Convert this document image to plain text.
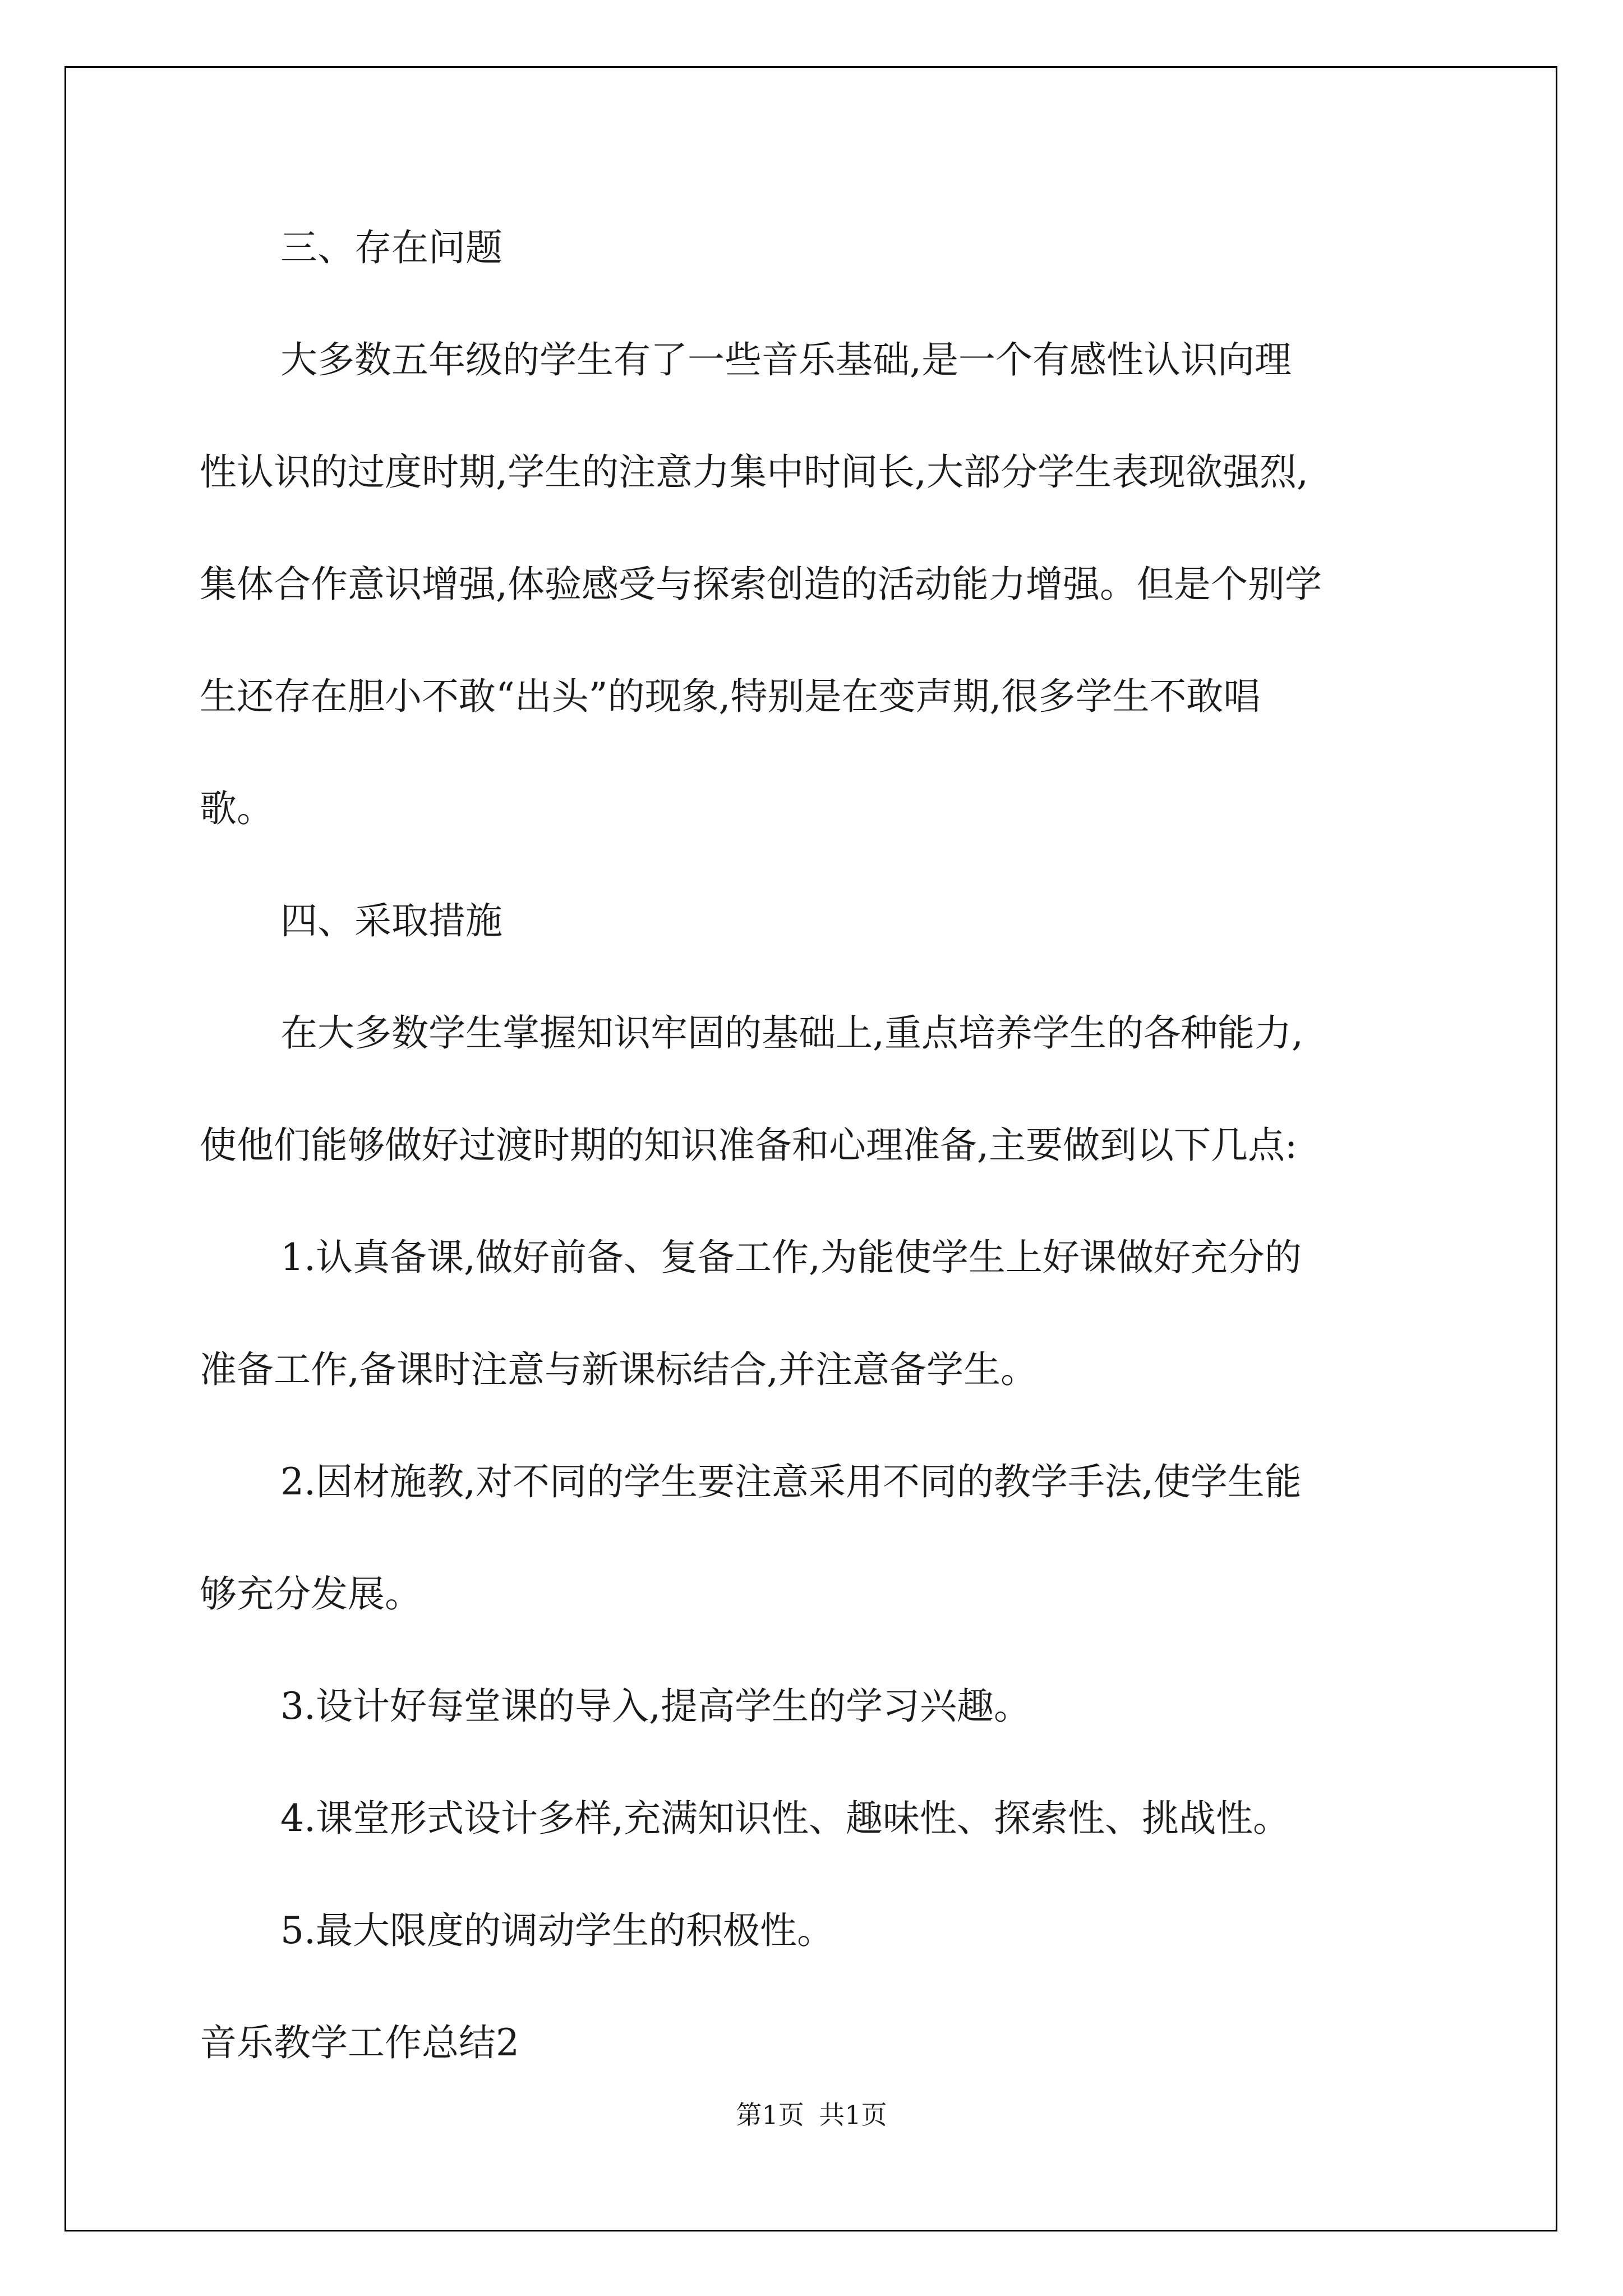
三、存在问题

大多数五年级的学生有了一些音乐基础,是一个有感性认识向理

性认识的过度时期,学生的注意力集中时间长,大部分学生表现欲强烈,

集体合作意识增强,体验感受与探索创造的活动能力增强。但是个别学

生还存在胆小不敢“出头”的现象,特别是在变声期,很多学生不敢唱

歌。

四、采取措施

在大多数学生掌握知识牢固的基础上,重点培养学生的各种能力,

使他们能够做好过渡时期的知识准备和心理准备,主要做到以下几点:

1.认真备课,做好前备、复备工作,为能使学生上好课做好充分的

准备工作,备课时注意与新课标结合,并注意备学生。

2.因材施教,对不同的学生要注意采用不同的教学手法,使学生能

够充分发展。

3.设计好每堂课的导入,提高学生的学习兴趣。

4.课堂形式设计多样,充满知识性、趣味性、探索性、挑战性。

5.最大限度的调动学生的积极性。

音乐教学工作总结2

第1页 共1页
